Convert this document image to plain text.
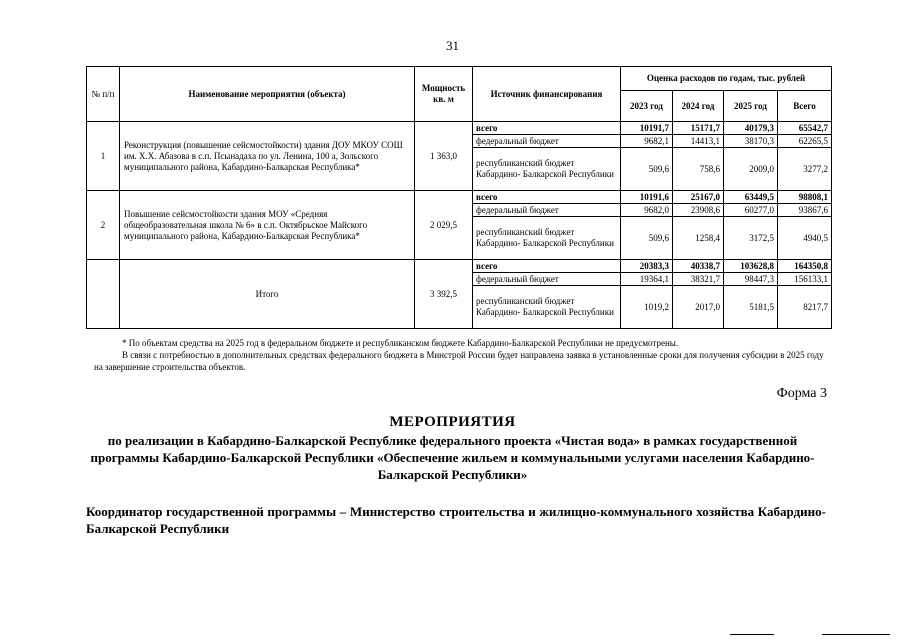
31
№ п/п	Наименование мероприятия (объекта)	Мощность кв. м	Источник финансирования	Оценка расходов по годам, тыс. рублей			
				2023 год	2024 год	2025 год	Всего
1	Реконструкция (повышение сейсмостойкости) здания ДОУ МКОУ СОШ им. Х.Х. Абазова в с.п. Псынадаха по ул. Ленина, 100 а, Зольского муниципального района, Кабардино-Балкарская Республика*	1 363,0	всего	10191,7	15171,7	40179,3	65542,7
			федеральный бюджет	9682,1	14413,1	38170,3	62265,5
			республиканский бюджет Кабардино- Балкарской Республики	509,6	758,6	2009,0	3277,2
2	Повышение сейсмостойкости здания МОУ «Средняя общеобразовательная школа № 6» в с.п. Октябрьское Майского муниципального района, Кабардино-Балкарская Республика*	2 029,5	всего	10191,6	25167,0	63449,5	98808,1
			федеральный бюджет	9682,0	23908,6	60277,0	93867,6
			республиканский бюджет Кабардино- Балкарской Республики	509,6	1258,4	3172,5	4940,5
	Итого	3 392,5	всего	20383,3	40338,7	103628,8	164350,8
			федеральный бюджет	19364,1	38321,7	98447,3	156133,1
			республиканский бюджет Кабардино- Балкарской Республики	1019,2	2017,0	5181,5	8217,7

* По объектам средства на 2025 год в федеральном бюджете и республиканском бюджете Кабардино-Балкарской Республики не предусмотрены.

В связи с потребностью в дополнительных средствах федерального бюджета в Минстрой России будет направлена заявка в установленные сроки для получения субсидии в 2025 году на завершение строительства объектов.

Форма 3
МЕРОПРИЯТИЯ
по реализации в Кабардино-Балкарской Республике федерального проекта «Чистая вода» в рамках государственной программы Кабардино-Балкарской Республики «Обеспечение жильем и коммунальными услугами населения Кабардино-Балкарской Республики»
Координатор государственной программы – Министерство строительства и жилищно-коммунального хозяйства Кабардино-Балкарской Республики
